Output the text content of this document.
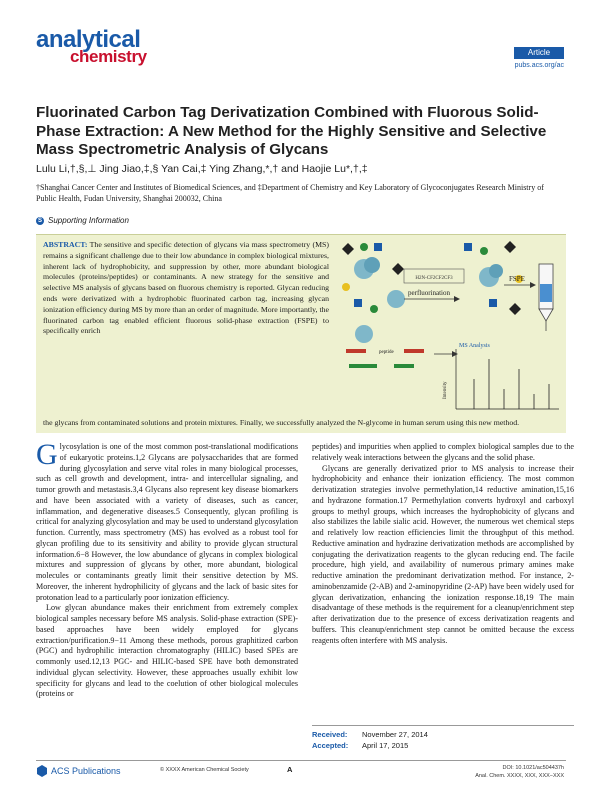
analytical
chemistry	Article
pubs.acs.org/ac
Fluorinated Carbon Tag Derivatization Combined with Fluorous Solid-Phase Extraction: A New Method for the Highly Sensitive and Selective Mass Spectrometric Analysis of Glycans
Lulu Li,†,§,⊥ Jing Jiao,‡,§ Yan Cai,‡ Ying Zhang,*,† and Haojie Lu*,†,‡
†Shanghai Cancer Center and Institutes of Biomedical Sciences, and ‡Department of Chemistry and Key Laboratory of Glycoconjugates Research Ministry of Public Health, Fudan University, Shanghai 200032, China
S Supporting Information
ABSTRACT: The sensitive and specific detection of glycans via mass spectrometry (MS) remains a significant challenge due to their low abundance in complex biological mixtures, inherent lack of hydrophobicity, and suppression by other, more abundant biological molecules (proteins/peptides) or contaminants. A new strategy for the sensitive and selective MS analysis of glycans based on fluorous chemistry is reported. Glycan reducing ends were derivatized with a hydrophobic fluorinated carbon tag, increasing glycan ionization efficiency during MS by more than an order of magnitude. More importantly, the fluorinated carbon tag enabled efficient fluorous solid-phase extraction (FSPE) to specifically enrich
H2N-CF2CF2CF3
perfluorination
FSPE
peptide
MS Analysis
Intensity
the glycans from contaminated solutions and protein mixtures. Finally, we successfully analyzed the N-glycome in human serum using this new method.

Glycosylation is one of the most common post-translational modifications of eukaryotic proteins.1,2 Glycans are polysaccharides that are formed during glycosylation and serve vital roles in many biological processes, such as cell growth and development, intra- and intercellular signaling, and tumor growth and metastasis.3,4 Glycans also represent key disease biomarkers and have been associated with a variety of diseases, such as cancer, inflammation, and degenerative diseases.5 Consequently, glycan profiling is critical for analyzing glycosylation and may be used to understand glycosylation function. Currently, mass spectrometry (MS) has evolved as a robust tool for glycan profiling due to its sensitivity and ability to provide glycan structural information.6−8 However, the low abundance of glycans in complex biological mixtures and suppression of glycans by other, more abundant, biological molecules or contaminants greatly limit their sensitive detection by MS. Moreover, the inherent hydrophilicity of glycans and the lack of basic sites for protonation lead to a particularly poor ionization efficiency.

Low glycan abundance makes their enrichment from extremely complex biological samples necessary before MS analysis. Solid-phase extraction (SPE)-based approaches have been widely employed for glycans extraction/purification.9−11 Among these methods, porous graphitized carbon (PGC) and hydrophilic interaction chromatography (HILIC) based SPEs are commonly used.12,13 PGC- and HILIC-based SPE have both demonstrated individual glycan selectivity. However, these approaches usually exhibit low specificity for glycans and lead to the coelution of other biological molecules (proteins or

peptides) and impurities when applied to complex biological samples due to the relatively weak interactions between the glycans and the solid phase.

Glycans are generally derivatized prior to MS analysis to increase their hydrophobicity and enhance their ionization efficiency. The most common derivatization strategies involve permethylation,14 reductive amination,15,16 and hydrazone formation.17 Permethylation converts hydroxyl and carboxyl groups to methyl groups, which increases the hydrophobicity of glycans and also stabilizes the labile sialic acid. However, the numerous wet chemical steps and relatively low reaction efficiencies limit the throughput of this method. Reductive amination and hydrazine derivatization methods are accomplished by conjugating the derivatization reagents to the glycan reducing end. The facile procedure, high yield, and availability of numerous primary amines make reductive amination the predominant derivatization method. For instance, 2-aminobenzamide (2-AB) and 2-aminopyridine (2-AP) have been widely used for glycan derivatization, enhancing the ionization response.18,19 The main disadvantage of these methods is the requirement for a cleanup/enrichment step after derivatization due to the presence of excess derivatization reagents and buffers. This cleanup/enrichment step cannot be omitted because the excess reagents often interfere with MS analysis.

Received: November 27, 2014
Accepted: April 17, 2015
ACS Publications	© XXXX American Chemical Society	A	DOI: 10.1021/ac504437h
Anal. Chem. XXXX, XXX, XXX−XXX
